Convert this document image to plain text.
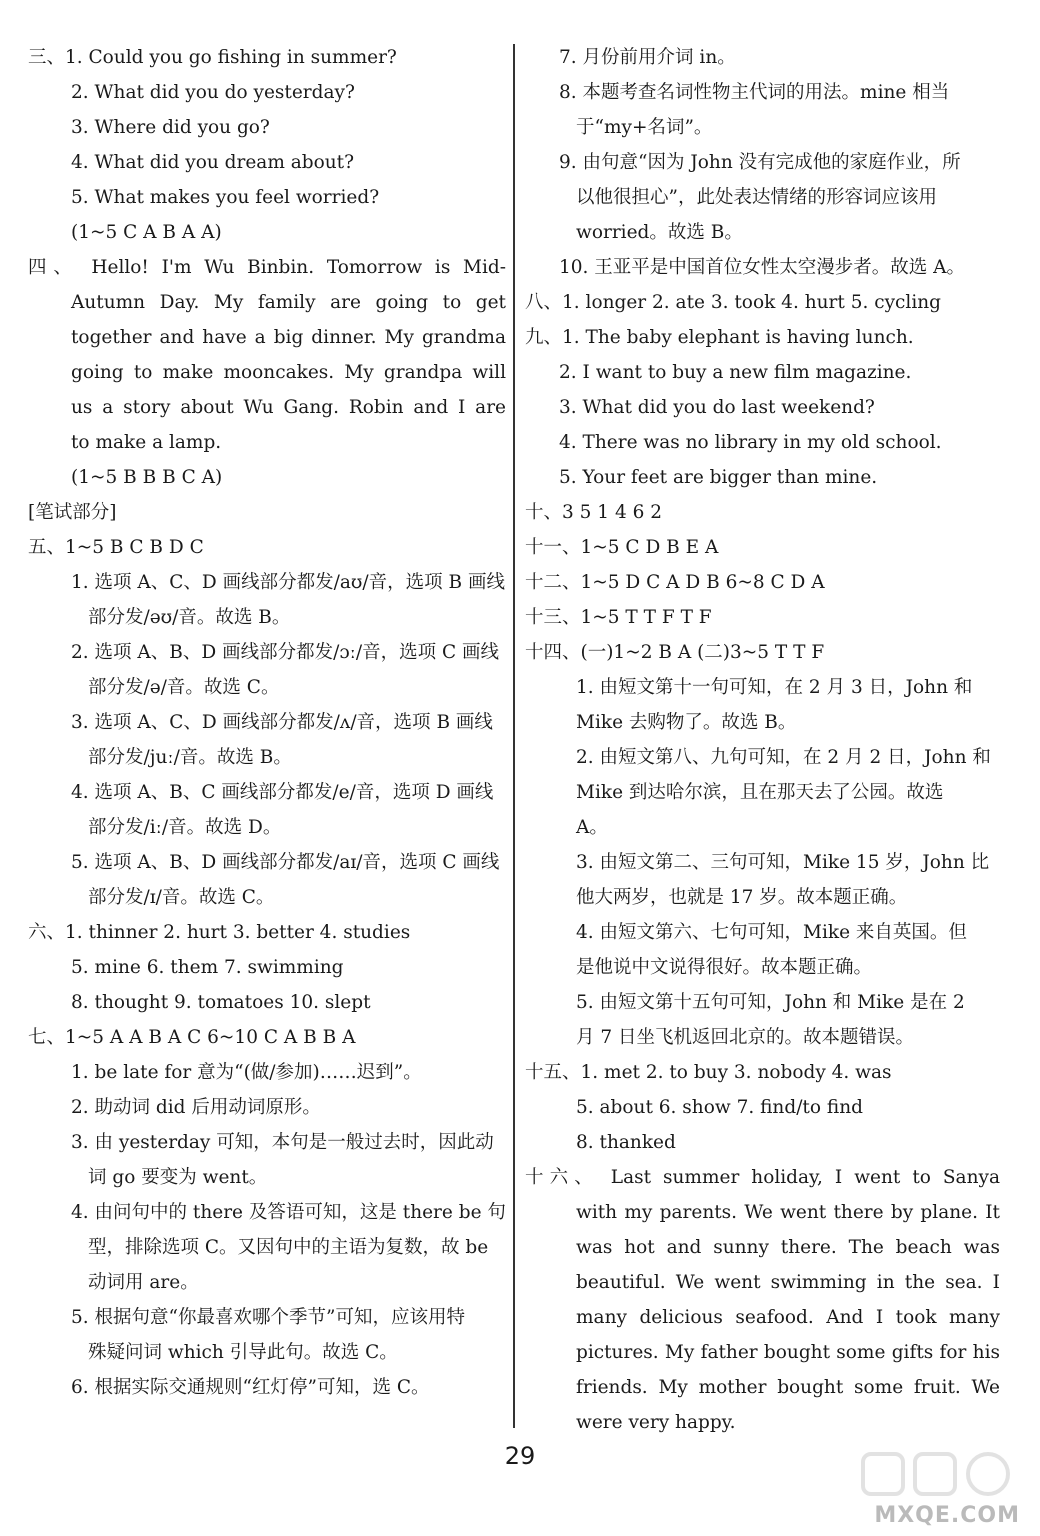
三、1. Could you go fishing in summer?
2. What did you do yesterday?
3. Where did you go?
4. What did you dream about?
5. What makes you feel worried?
(1~5 C A B A A)
四、 Hello! I'm Wu Binbin. Tomorrow is Mid-
Autumn Day. My family are going to get
together and have a big dinner. My grandma
going to make mooncakes. My grandpa will
us a story about Wu Gang. Robin and I are
to make a lamp.
(1~5 B B B C A)
[笔试部分]
五、1~5 B C B D C
1. 选项 A、C、D 画线部分都发/aʊ/音，选项 B 画线
部分发/əʊ/音。故选 B。
2. 选项 A、B、D 画线部分都发/ɔː/音，选项 C 画线
部分发/ə/音。故选 C。
3. 选项 A、C、D 画线部分都发/ʌ/音，选项 B 画线
部分发/juː/音。故选 B。
4. 选项 A、B、C 画线部分都发/e/音，选项 D 画线
部分发/iː/音。故选 D。
5. 选项 A、B、D 画线部分都发/aɪ/音，选项 C 画线
部分发/ɪ/音。故选 C。
六、1. thinner 2. hurt 3. better 4. studies
5. mine 6. them 7. swimming
8. thought 9. tomatoes 10. slept
七、1~5 A A B A C 6~10 C A B B A
1. be late for 意为“(做/参加)……迟到”。
2. 助动词 did 后用动词原形。
3. 由 yesterday 可知，本句是一般过去时，因此动
词 go 要变为 went。
4. 由问句中的 there 及答语可知，这是 there be 句
型，排除选项 C。又因句中的主语为复数，故 be
动词用 are。
5. 根据句意“你最喜欢哪个季节”可知，应该用特
殊疑问词 which 引导此句。故选 C。
6. 根据实际交通规则“红灯停”可知，选 C。
7. 月份前用介词 in。
8. 本题考查名词性物主代词的用法。mine 相当
于“my+名词”。
9. 由句意“因为 John 没有完成他的家庭作业，所
以他很担心”，此处表达情绪的形容词应该用
worried。故选 B。
10. 王亚平是中国首位女性太空漫步者。故选 A。
八、1. longer 2. ate 3. took 4. hurt 5. cycling
九、1. The baby elephant is having lunch.
2. I want to buy a new film magazine.
3. What did you do last weekend?
4. There was no library in my old school.
5. Your feet are bigger than mine.
十、3 5 1 4 6 2
十一、1~5 C D B E A
十二、1~5 D C A D B 6~8 C D A
十三、1~5 T T F T F
十四、(一)1~2 B A (二)3~5 T T F
1. 由短文第十一句可知，在 2 月 3 日，John 和
Mike 去购物了。故选 B。
2. 由短文第八、九句可知，在 2 月 2 日，John 和
Mike 到达哈尔滨，且在那天去了公园。故选
A。
3. 由短文第二、三句可知，Mike 15 岁，John 比
他大两岁，也就是 17 岁。故本题正确。
4. 由短文第六、七句可知，Mike 来自英国。但
是他说中文说得很好。故本题正确。
5. 由短文第十五句可知，John 和 Mike 是在 2
月 7 日坐飞机返回北京的。故本题错误。
十五、1. met 2. to buy 3. nobody 4. was
5. about 6. show 7. find/to find
8. thanked
十六、 Last summer holiday, I went to Sanya
with my parents. We went there by plane. It
was hot and sunny there. The beach was
beautiful. We went swimming in the sea. I
many delicious seafood. And I took many
pictures. My father bought some gifts for his
friends. My mother bought some fruit. We
were very happy.
29
MXQE.COM
